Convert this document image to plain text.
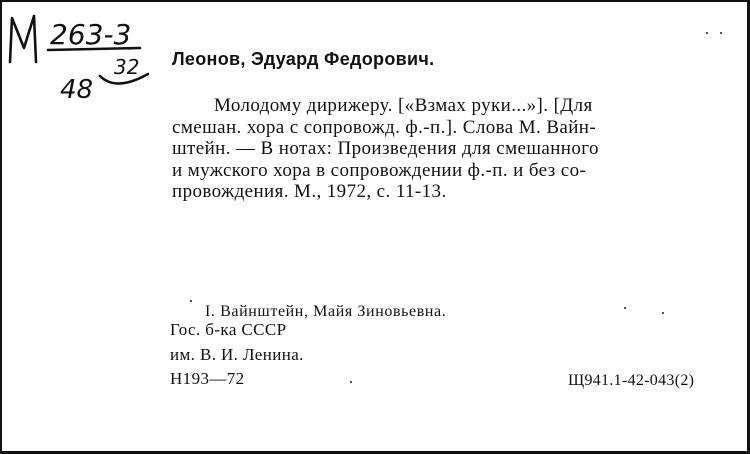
263-3
48
32 Леонов, Эдуард Федорович.
Молодому дирижеру. [«Взмах руки...»]. [Для
смешан. хора с сопровожд. ф.-п.]. Слова М. Вайн-
штейн. — В нотах: Произведения для смешанного
и мужского хора в сопровождении ф.-п. и без со-
провождения. М., 1972, с. 11-13.
I. Вайнштейн, Майя Зиновьевна.
Гос. б-ка СССР
им. В. И. Ленина.
Н193—72	Щ941.1-42-043(2)
